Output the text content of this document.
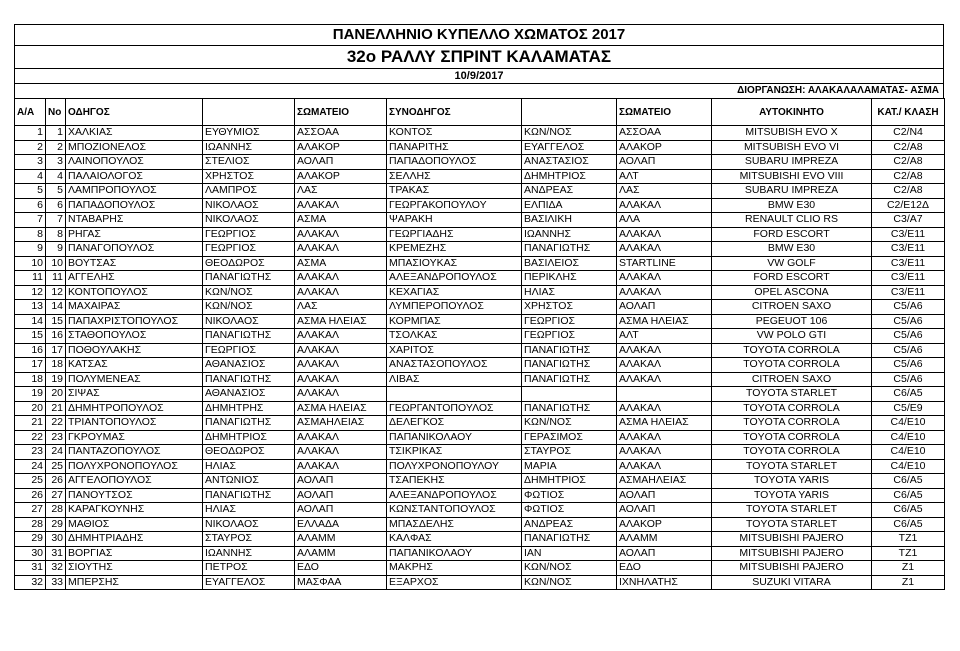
ΠΑΝΕΛΛΗΝΙΟ ΚΥΠΕΛΛΟ ΧΩΜΑΤΟΣ 2017
32ο ΡΑΛΛΥ ΣΠΡΙΝΤ ΚΑΛΑΜΑΤΑΣ
10/9/2017
ΔΙΟΡΓΑΝΩΣΗ: ΑΛΑΚΑΛΑΛΑΜΑΤΑΣ- ΑΣΜΑ
Α/Α	Νο	ΟΔΗΓΟΣ		ΣΩΜΑΤΕΙΟ	ΣΥΝΟΔΗΓΟΣ		ΣΩΜΑΤΕΙΟ	ΑΥΤΟΚΙΝΗΤΟ	ΚΑΤ./ ΚΛΑΣΗ
1	1	ΧΑΛΚΙΑΣ	ΕΥΘΥΜΙΟΣ	ΑΣΣΟΑΑ	ΚΟΝΤΟΣ	ΚΩΝ/ΝΟΣ	ΑΣΣΟΑΑ	MITSUBISH EVO X	C2/N4
2	2	ΜΠΟΖΙΟΝΕΛΟΣ	ΙΩΑΝΝΗΣ	ΑΛΑΚΟΡ	ΠΑΝΑΡΙΤΗΣ	ΕΥΑΓΓΕΛΟΣ	ΑΛΑΚΟΡ	MITSUBISH EVO VI	C2/A8
3	3	ΛΑΙΝΟΠΟΥΛΟΣ	ΣΤΕΛΙΟΣ	ΑΟΛΑΠ	ΠΑΠΑΔΟΠΟΥΛΟΣ	ΑΝΑΣΤΑΣΙΟΣ	ΑΟΛΑΠ	SUBARU IMPREZA	C2/A8
4	4	ΠΑΛΑΙΟΛΟΓΟΣ	ΧΡΗΣΤΟΣ	ΑΛΑΚΟΡ	ΣΕΛΛΗΣ	ΔΗΜΗΤΡΙΟΣ	ΑΛΤ	MITSUBISHI EVO VIII	C2/A8
5	5	ΛΑΜΠΡΟΠΟΥΛΟΣ	ΛΑΜΠΡΟΣ	ΛΑΣ	ΤΡΑΚΑΣ	ΑΝΔΡΕΑΣ	ΛΑΣ	SUBARU IMPREZA	C2/A8
6	6	ΠΑΠΑΔΟΠΟΥΛΟΣ	ΝΙΚΟΛΑΟΣ	ΑΛΑΚΑΛ	ΓΕΩΡΓΑΚΟΠΟΥΛΟΥ	ΕΛΠΙΔΑ	ΑΛΑΚΑΛ	BMW E30	C2/E12Δ
7	7	ΝΤΑΒΑΡΗΣ	ΝΙΚΟΛΑΟΣ	ΑΣΜΑ	ΨΑΡΑΚΗ	ΒΑΣΙΛΙΚΗ	ΑΛΑ	RENAULT CLIO RS	C3/A7
8	8	ΡΗΓΑΣ	ΓΕΩΡΓΙΟΣ	ΑΛΑΚΑΛ	ΓΕΩΡΓΙΑΔΗΣ	ΙΩΑΝΝΗΣ	ΑΛΑΚΑΛ	FORD ESCORT	C3/E11
9	9	ΠΑΝΑΓΟΠΟΥΛΟΣ	ΓΕΩΡΓΙΟΣ	ΑΛΑΚΑΛ	ΚΡΕΜΕΖΗΣ	ΠΑΝΑΓΙΩΤΗΣ	ΑΛΑΚΑΛ	BMW E30	C3/E11
10	10	ΒΟΥΤΣΑΣ	ΘΕΟΔΩΡΟΣ	ΑΣΜΑ	ΜΠΑΣΙΟΥΚΑΣ	ΒΑΣΙΛΕΙΟΣ	STARTLINE	VW GOLF	C3/E11
11	11	ΑΓΓΕΛΗΣ	ΠΑΝΑΓΙΩΤΗΣ	ΑΛΑΚΑΛ	ΑΛΕΞΑΝΔΡΟΠΟΥΛΟΣ	ΠΕΡΙΚΛΗΣ	ΑΛΑΚΑΛ	FORD ESCORT	C3/E11
12	12	ΚΟΝΤΟΠΟΥΛΟΣ	ΚΩΝ/ΝΟΣ	ΑΛΑΚΑΛ	ΚΕΧΑΓΙΑΣ	ΗΛΙΑΣ	ΑΛΑΚΑΛ	OPEL ASCONA	C3/E11
13	14	ΜΑΧΑΙΡΑΣ	ΚΩΝ/ΝΟΣ	ΛΑΣ	ΛΥΜΠΕΡΟΠΟΥΛΟΣ	ΧΡΗΣΤΟΣ	ΑΟΛΑΠ	CITROEN SAXO	C5/A6
14	15	ΠΑΠΑΧΡΙΣΤΟΠΟΥΛΟΣ	ΝΙΚΟΛΑΟΣ	ΑΣΜΑ ΗΛΕΙΑΣ	ΚΟΡΜΠΑΣ	ΓΕΩΡΓΙΟΣ	ΑΣΜΑ ΗΛΕΙΑΣ	PEGEUOT 106	C5/A6
15	16	ΣΤΑΘΟΠΟΥΛΟΣ	ΠΑΝΑΓΙΩΤΗΣ	ΑΛΑΚΑΛ	ΤΣΟΛΚΑΣ	ΓΕΩΡΓΙΟΣ	ΑΛΤ	VW POLO GTI	C5/A6
16	17	ΠΟΘΟΥΛΑΚΗΣ	ΓΕΩΡΓΙΟΣ	ΑΛΑΚΑΛ	ΧΑΡΙΤΟΣ	ΠΑΝΑΓΙΩΤΗΣ	ΑΛΑΚΑΛ	TOYOTA CORROLA	C5/A6
17	18	ΚΑΤΣΑΣ	ΑΘΑΝΑΣΙΟΣ	ΑΛΑΚΑΛ	ΑΝΑΣΤΑΣΟΠΟΥΛΟΣ	ΠΑΝΑΓΙΩΤΗΣ	ΑΛΑΚΑΛ	TOYOTA CORROLA	C5/A6
18	19	ΠΟΛΥΜΕΝΕΑΣ	ΠΑΝΑΓΙΩΤΗΣ	ΑΛΑΚΑΛ	ΛΙΒΑΣ	ΠΑΝΑΓΙΩΤΗΣ	ΑΛΑΚΑΛ	CITROEN SAXO	C5/A6
19	20	ΣΙΨΑΣ	ΑΘΑΝΑΣΙΟΣ	ΑΛΑΚΑΛ				TOYOTA STARLET	C6/A5
20	21	ΔΗΜΗΤΡΟΠΟΥΛΟΣ	ΔΗΜΗΤΡΗΣ	ΑΣΜΑ ΗΛΕΙΑΣ	ΓΕΩΡΓΑΝΤΟΠΟΥΛΟΣ	ΠΑΝΑΓΙΩΤΗΣ	ΑΛΑΚΑΛ	TOYOTA CORROLA	C5/E9
21	22	ΤΡΙΑΝΤΟΠΟΥΛΟΣ	ΠΑΝΑΓΙΩΤΗΣ	ΑΣΜΑΗΛΕΙΑΣ	ΔΕΛΕΓΚΟΣ	ΚΩΝ/ΝΟΣ	ΑΣΜΑ ΗΛΕΙΑΣ	TOYOTA CORROLA	C4/E10
22	23	ΓΚΡΟΥΜΑΣ	ΔΗΜΗΤΡΙΟΣ	ΑΛΑΚΑΛ	ΠΑΠΑΝΙΚΟΛΑΟΥ	ΓΕΡΑΣΙΜΟΣ	ΑΛΑΚΑΛ	TOYOTA CORROLA	C4/E10
23	24	ΠΑΝΤΑΖΟΠΟΥΛΟΣ	ΘΕΟΔΩΡΟΣ	ΑΛΑΚΑΛ	ΤΣΙΚΡΙΚΑΣ	ΣΤΑΥΡΟΣ	ΑΛΑΚΑΛ	TOYOTA CORROLA	C4/E10
24	25	ΠΟΛΥΧΡΟΝΟΠΟΥΛΟΣ	ΗΛΙΑΣ	ΑΛΑΚΑΛ	ΠΟΛΥΧΡΟΝΟΠΟΥΛΟΥ	ΜΑΡΙΑ	ΑΛΑΚΑΛ	TOYOTA STARLET	C4/E10
25	26	ΑΓΓΕΛΟΠΟΥΛΟΣ	ΑΝΤΩΝΙΟΣ	ΑΟΛΑΠ	ΤΣΑΠΕΚΗΣ	ΔΗΜΗΤΡΙΟΣ	ΑΣΜΑΗΛΕΙΑΣ	TOYOTA YARIS	C6/A5
26	27	ΠΑΝΟΥΤΣΟΣ	ΠΑΝΑΓΙΩΤΗΣ	ΑΟΛΑΠ	ΑΛΕΞΑΝΔΡΟΠΟΥΛΟΣ	ΦΩΤΙΟΣ	ΑΟΛΑΠ	TOYOTA YARIS	C6/A5
27	28	ΚΑΡΑΓΚΟΥΝΗΣ	ΗΛΙΑΣ	ΑΟΛΑΠ	ΚΩΝΣΤΑΝΤΟΠΟΥΛΟΣ	ΦΩΤΙΟΣ	ΑΟΛΑΠ	TOYOTA STARLET	C6/A5
28	29	ΜΑΘΙΟΣ	ΝΙΚΟΛΑΟΣ	ΕΛΛΑΔΑ	ΜΠΑΣΔΕΛΗΣ	ΑΝΔΡΕΑΣ	ΑΛΑΚΟΡ	TOYOTA STARLET	C6/A5
29	30	ΔΗΜΗΤΡΙΑΔΗΣ	ΣΤΑΥΡΟΣ	ΑΛΑΜΜ	ΚΑΛΦΑΣ	ΠΑΝΑΓΙΩΤΗΣ	ΑΛΑΜΜ	MITSUBISHI PAJERO	TZ1
30	31	ΒΟΡΓΙΑΣ	ΙΩΑΝΝΗΣ	ΑΛΑΜΜ	ΠΑΠΑΝΙΚΟΛΑΟΥ	ΙΑΝ	ΑΟΛΑΠ	MITSUBISHI PAJERO	TZ1
31	32	ΣΙΟΥΤΗΣ	ΠΕΤΡΟΣ	ΕΔΟ	ΜΑΚΡΗΣ	ΚΩΝ/ΝΟΣ	ΕΔΟ	MITSUBISHI PAJERO	Z1
32	33	ΜΠΕΡΣΗΣ	ΕΥΑΓΓΕΛΟΣ	ΜΑΣΦΑΑ	ΕΞΑΡΧΟΣ	ΚΩΝ/ΝΟΣ	ΙΧΝΗΛΑΤΗΣ	SUZUKI VITARA	Z1
